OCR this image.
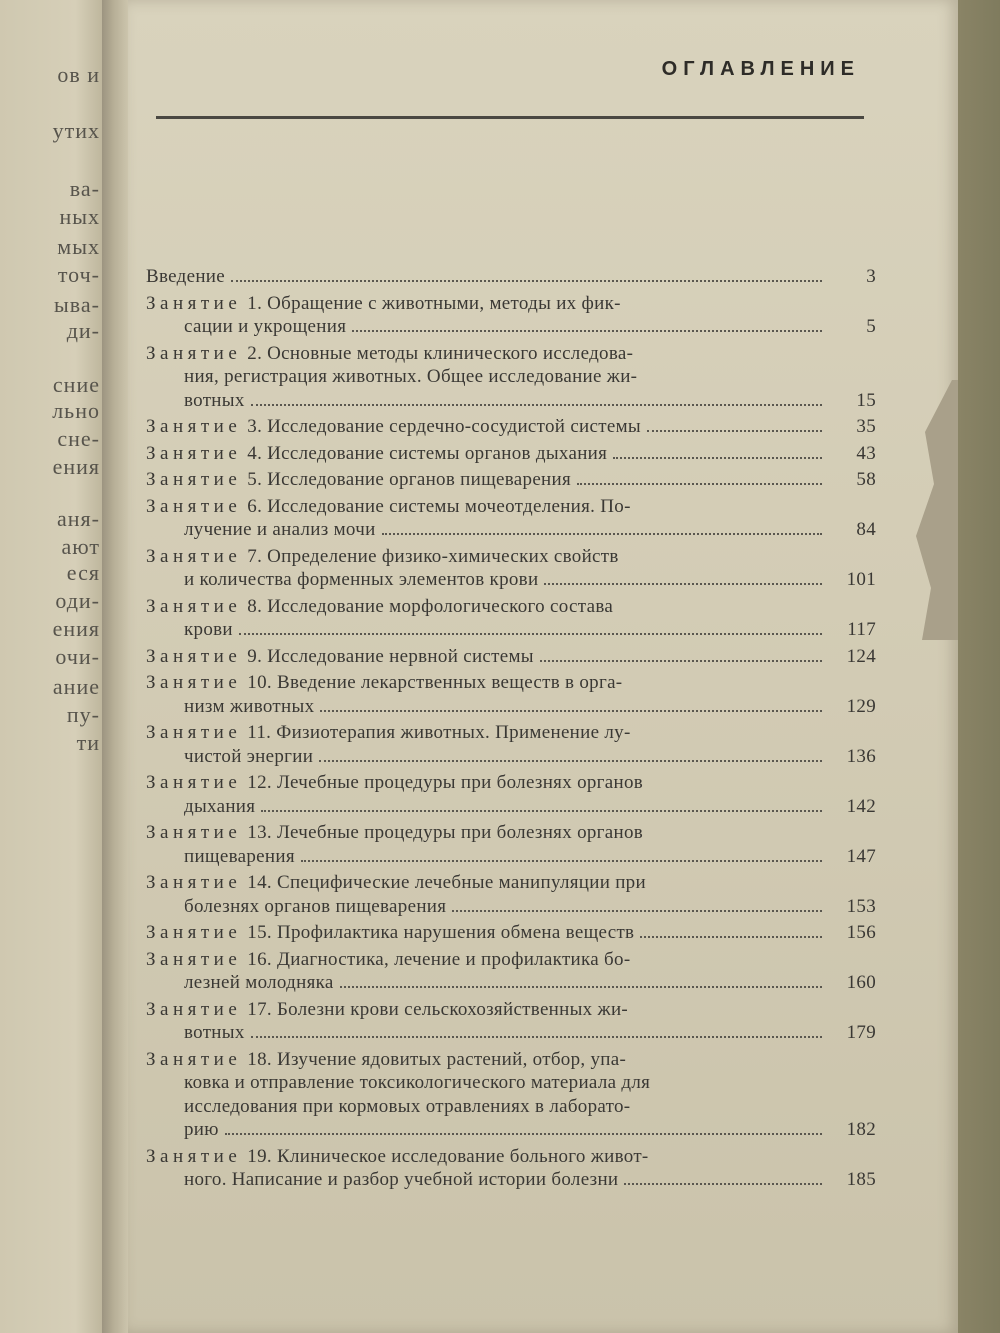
ов и
утих
ва-
ных
мых
точ-
ыва-
ди-
сние
льно
сне-
ения
аня-
ают
еся
оди-
ения
очи-
ание
пу-
ти
ОГЛАВЛЕНИЕ
Введение	3
Занятие 1. Обращение с животными, методы их фик-
сации и укрощения	5
Занятие 2. Основные методы клинического исследова-
ния, регистрация животных. Общее исследование жи-
вотных	15
Занятие 3. Исследование сердечно-сосудистой системы	35
Занятие 4. Исследование системы органов дыхания	43
Занятие 5. Исследование органов пищеварения	58
Занятие 6. Исследование системы мочеотделения. По-
лучение и анализ мочи	84
Занятие 7. Определение физико-химических свойств
и количества форменных элементов крови	101
Занятие 8. Исследование морфологического состава
крови	117
Занятие 9. Исследование нервной системы	124
Занятие 10. Введение лекарственных веществ в орга-
низм животных	129
Занятие 11. Физиотерапия животных. Применение лу-
чистой энергии	136
Занятие 12. Лечебные процедуры при болезнях органов
дыхания	142
Занятие 13. Лечебные процедуры при болезнях органов
пищеварения	147
Занятие 14. Специфические лечебные манипуляции при
болезнях органов пищеварения	153
Занятие 15. Профилактика нарушения обмена веществ	156
Занятие 16. Диагностика, лечение и профилактика бо-
лезней молодняка	160
Занятие 17. Болезни крови сельскохозяйственных жи-
вотных	179
Занятие 18. Изучение ядовитых растений, отбор, упа-
ковка и отправление токсикологического материала для
исследования при кормовых отравлениях в лаборато-
рию	182
Занятие 19. Клиническое исследование больного живот-
ного. Написание и разбор учебной истории болезни	185
